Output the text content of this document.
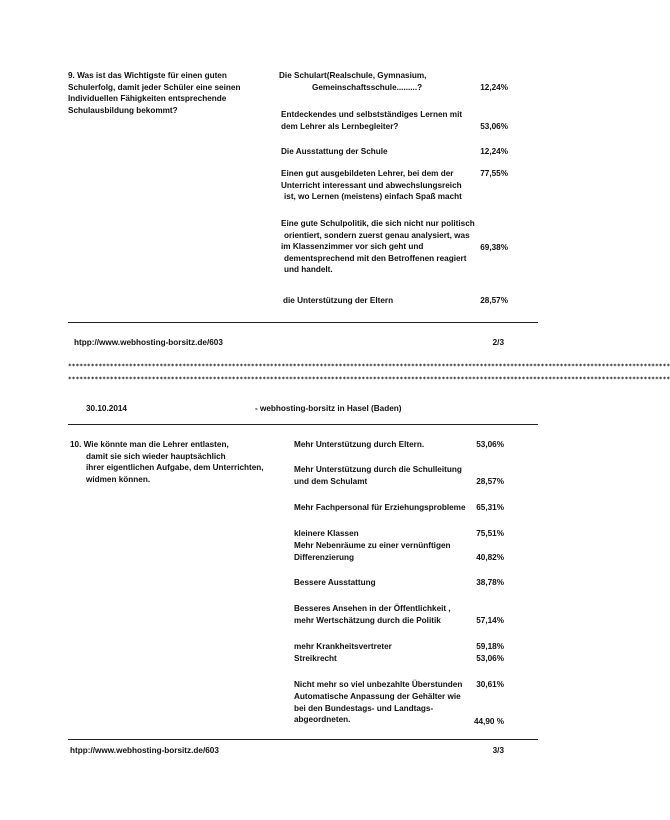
9. Was ist das Wichtigste für einen guten
Schulerfolg, damit jeder Schüler eine seinen
Individuellen Fähigkeiten entsprechende
Schulausbildung bekommt?
Die Schulart(Realschule, Gymnasium,
Gemeinschaftsschule.........?	12,24%
Entdeckendes und selbstständiges Lernen mit
dem Lehrer als Lernbegleiter?	53,06%
Die Ausstattung der Schule	12,24%
Einen gut ausgebildeten Lehrer, bei dem der
Unterricht interessant und abwechslungsreich
ist, wo Lernen (meistens) einfach Spaß macht
77,55%
Eine gute Schulpolitik, die sich nicht nur politisch
orientiert, sondern zuerst genau analysiert, was
im Klassenzimmer vor sich geht und
dementsprechend mit den Betroffenen reagiert
und handelt.
69,38%
die Unterstützung der Eltern	28,57%
htpp://www.webhosting-borsitz.de/603	2/3
**************************************************************************************************************************************************************
**************************************************************************************************************************************************************
30.10.2014	- webhosting-borsitz in Hasel (Baden)
10. Wie könnte man die Lehrer entlasten,
damit sie sich wieder hauptsächlich
ihrer eigentlichen Aufgabe, dem Unterrichten,
widmen können.
Mehr Unterstützung durch Eltern.	53,06%
Mehr Unterstützung durch die Schulleitung
und dem Schulamt	28,57%
Mehr Fachpersonal für Erziehungsprobleme 65,31%
kleinere Klassen	75,51%
Mehr Nebenräume zu einer vernünftigen
Differenzierung	40,82%
Bessere Ausstattung	38,78%
Besseres Ansehen in der Öffentlichkeit ,
mehr Wertschätzung durch die Politik	57,14%
mehr Krankheitsvertreter	59,18%
Streikrecht	53,06%
Nicht mehr so viel unbezahlte Überstunden 30,61%
Automatische Anpassung der Gehälter wie
bei den Bundestags- und Landtags-
abgeordneten.	44,90 %
htpp://www.webhosting-borsitz.de/603	3/3
